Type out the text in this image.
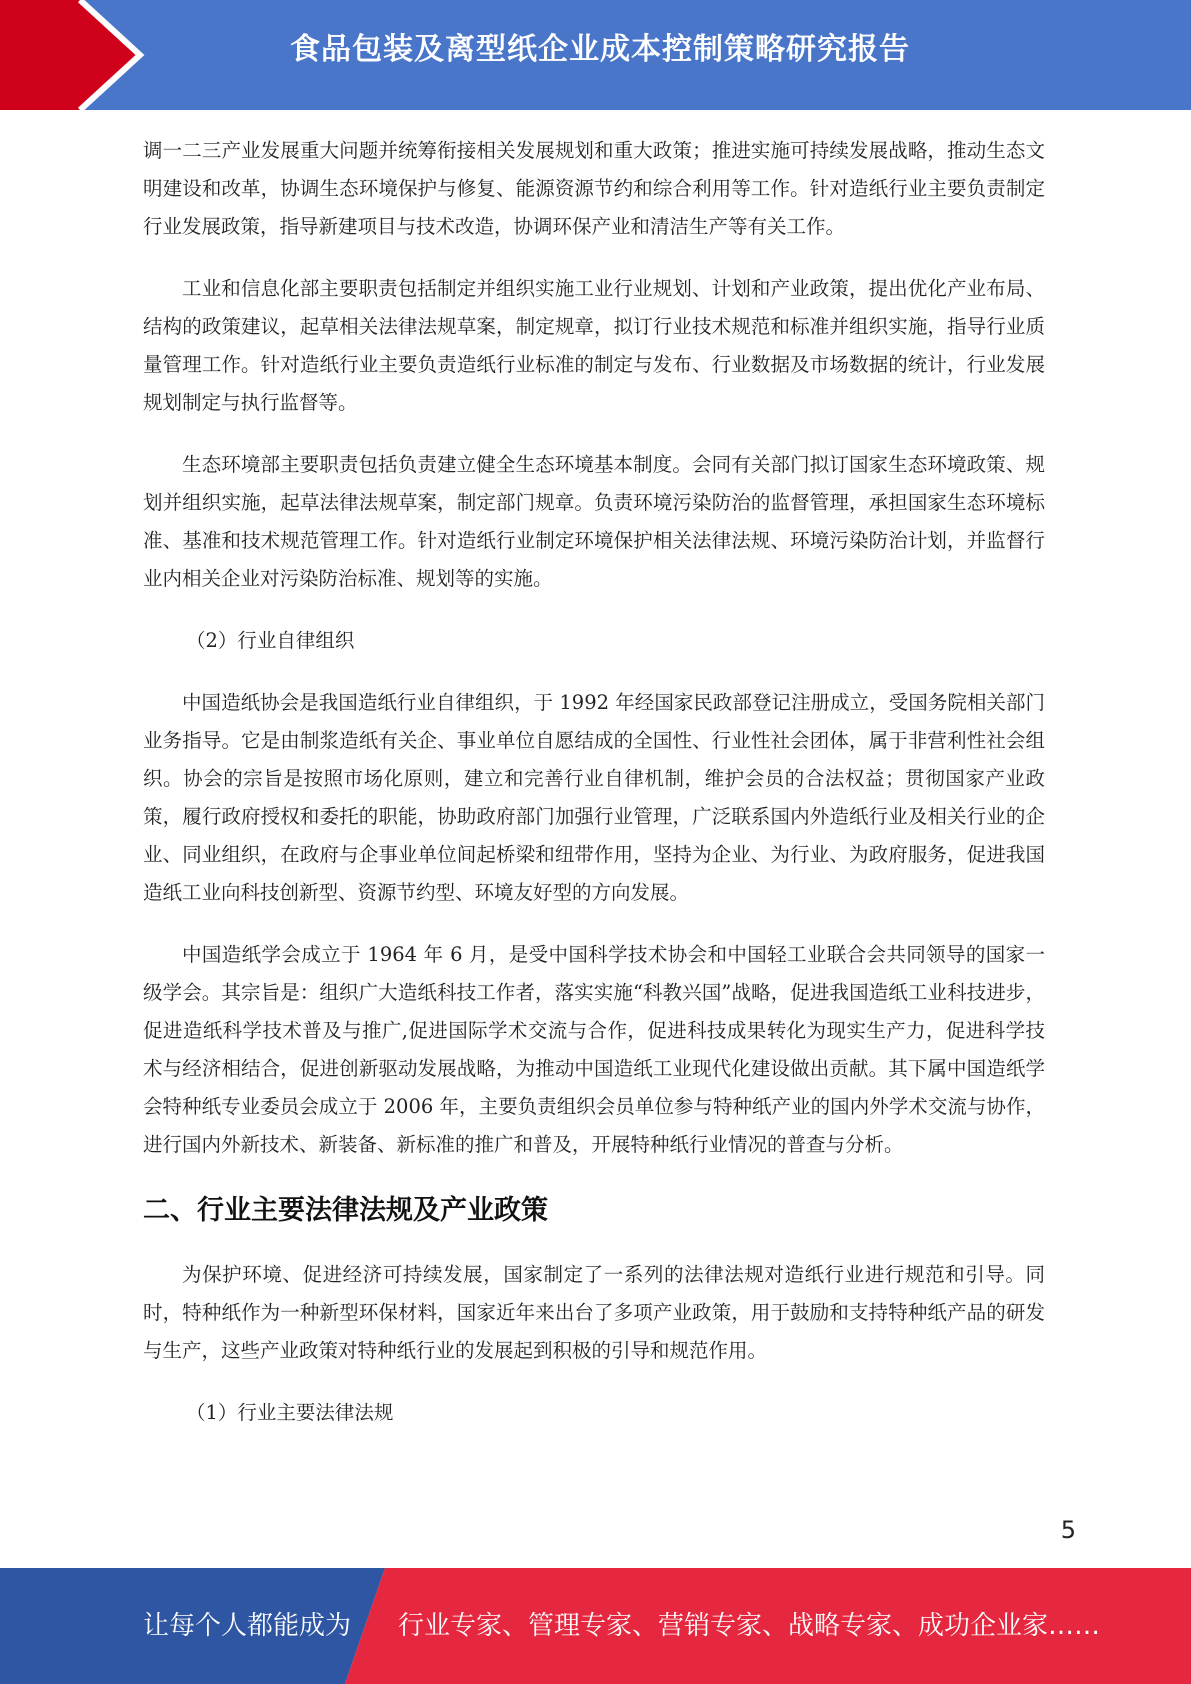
食品包装及离型纸企业成本控制策略研究报告

调一二三产业发展重大问题并统筹衔接相关发展规划和重大政策；推进实施可持续发展战略，推动生态文明建设和改革，协调生态环境保护与修复、能源资源节约和综合利用等工作。针对造纸行业主要负责制定行业发展政策，指导新建项目与技术改造，协调环保产业和清洁生产等有关工作。

工业和信息化部主要职责包括制定并组织实施工业行业规划、计划和产业政策，提出优化产业布局、结构的政策建议，起草相关法律法规草案，制定规章，拟订行业技术规范和标准并组织实施，指导行业质量管理工作。针对造纸行业主要负责造纸行业标准的制定与发布、行业数据及市场数据的统计，行业发展规划制定与执行监督等。

生态环境部主要职责包括负责建立健全生态环境基本制度。会同有关部门拟订国家生态环境政策、规划并组织实施，起草法律法规草案，制定部门规章。负责环境污染防治的监督管理，承担国家生态环境标准、基准和技术规范管理工作。针对造纸行业制定环境保护相关法律法规、环境污染防治计划，并监督行业内相关企业对污染防治标准、规划等的实施。

（2）行业自律组织

中国造纸协会是我国造纸行业自律组织，于 1992 年经国家民政部登记注册成立，受国务院相关部门业务指导。它是由制浆造纸有关企、事业单位自愿结成的全国性、行业性社会团体，属于非营利性社会组织。协会的宗旨是按照市场化原则，建立和完善行业自律机制，维护会员的合法权益；贯彻国家产业政策，履行政府授权和委托的职能，协助政府部门加强行业管理，广泛联系国内外造纸行业及相关行业的企业、同业组织，在政府与企事业单位间起桥梁和纽带作用，坚持为企业、为行业、为政府服务，促进我国造纸工业向科技创新型、资源节约型、环境友好型的方向发展。

中国造纸学会成立于 1964 年 6 月，是受中国科学技术协会和中国轻工业联合会共同领导的国家一级学会。其宗旨是：组织广大造纸科技工作者，落实实施“科教兴国”战略，促进我国造纸工业科技进步，促进造纸科学技术普及与推广,促进国际学术交流与合作，促进科技成果转化为现实生产力，促进科学技术与经济相结合，促进创新驱动发展战略，为推动中国造纸工业现代化建设做出贡献。其下属中国造纸学会特种纸专业委员会成立于 2006 年，主要负责组织会员单位参与特种纸产业的国内外学术交流与协作，进行国内外新技术、新装备、新标准的推广和普及，开展特种纸行业情况的普查与分析。

二、行业主要法律法规及产业政策

为保护环境、促进经济可持续发展，国家制定了一系列的法律法规对造纸行业进行规范和引导。同时，特种纸作为一种新型环保材料，国家近年来出台了多项产业政策，用于鼓励和支持特种纸产品的研发与生产，这些产业政策对特种纸行业的发展起到积极的引导和规范作用。

（1）行业主要法律法规

5
让每个人都能成为 行业专家、管理专家、营销专家、战略专家、成功企业家……
